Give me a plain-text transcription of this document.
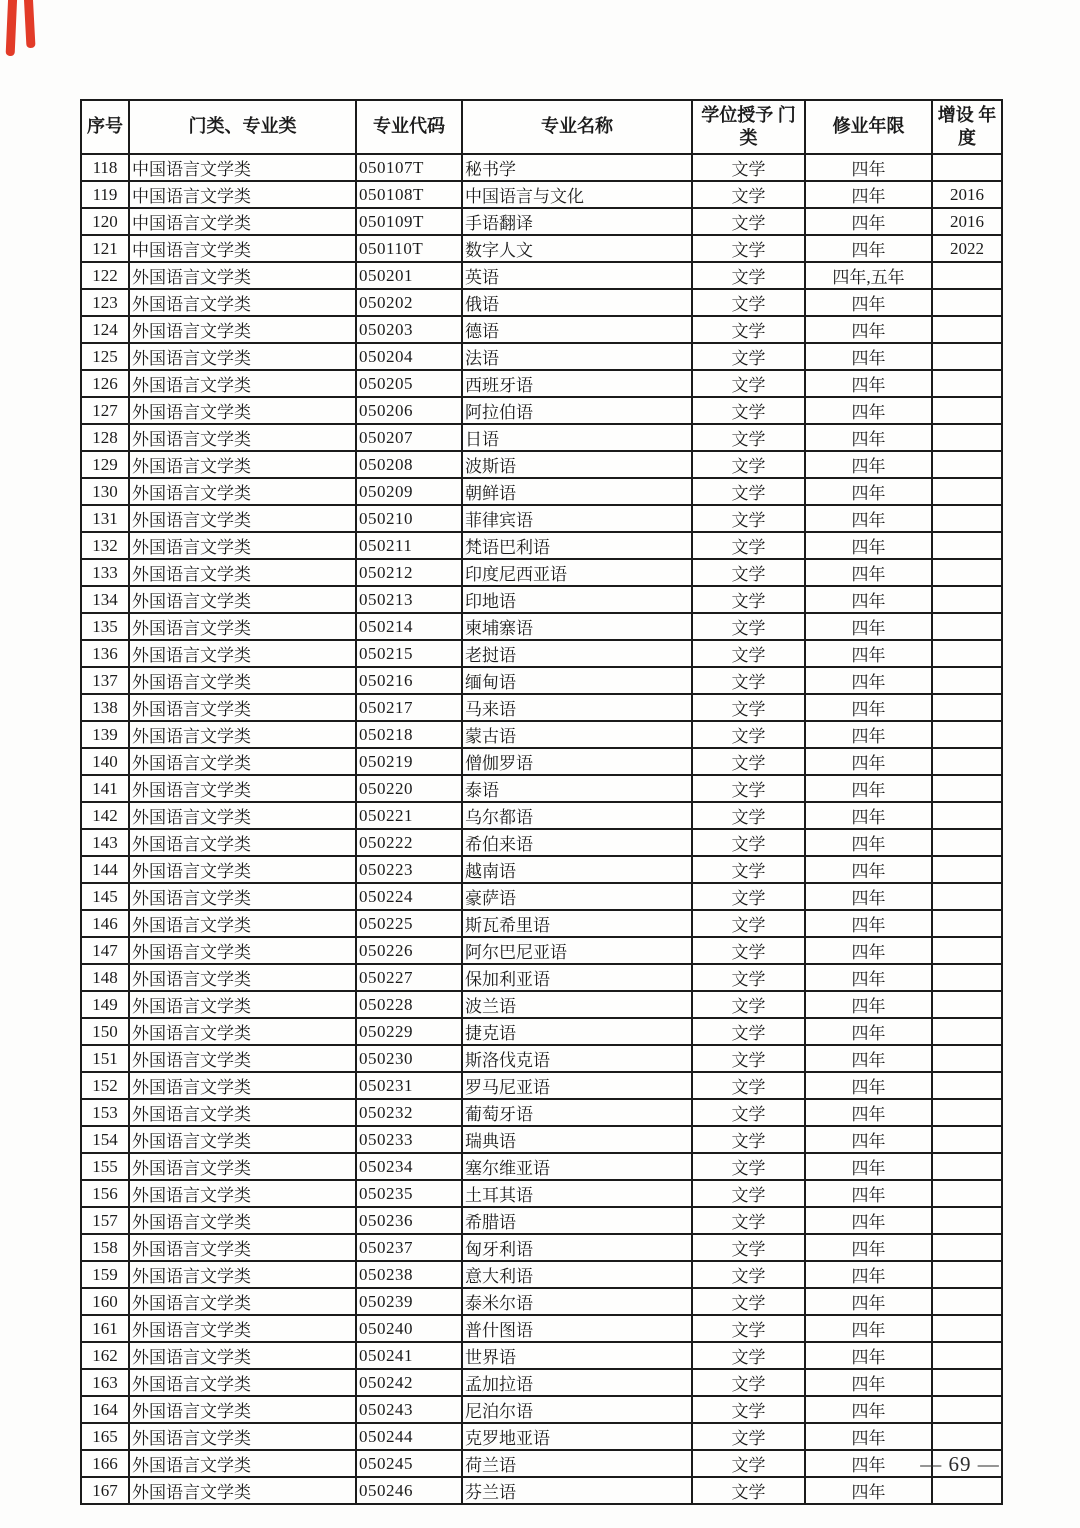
序号	门类、专业类	专业代码	专业名称	学位授予 门类	修业年限	增设 年度
118	中国语言文学类	050107T	秘书学	文学	四年	
119	中国语言文学类	050108T	中国语言与文化	文学	四年	2016
120	中国语言文学类	050109T	手语翻译	文学	四年	2016
121	中国语言文学类	050110T	数字人文	文学	四年	2022
122	外国语言文学类	050201	英语	文学	四年,五年	
123	外国语言文学类	050202	俄语	文学	四年	
124	外国语言文学类	050203	德语	文学	四年	
125	外国语言文学类	050204	法语	文学	四年	
126	外国语言文学类	050205	西班牙语	文学	四年	
127	外国语言文学类	050206	阿拉伯语	文学	四年	
128	外国语言文学类	050207	日语	文学	四年	
129	外国语言文学类	050208	波斯语	文学	四年	
130	外国语言文学类	050209	朝鲜语	文学	四年	
131	外国语言文学类	050210	菲律宾语	文学	四年	
132	外国语言文学类	050211	梵语巴利语	文学	四年	
133	外国语言文学类	050212	印度尼西亚语	文学	四年	
134	外国语言文学类	050213	印地语	文学	四年	
135	外国语言文学类	050214	柬埔寨语	文学	四年	
136	外国语言文学类	050215	老挝语	文学	四年	
137	外国语言文学类	050216	缅甸语	文学	四年	
138	外国语言文学类	050217	马来语	文学	四年	
139	外国语言文学类	050218	蒙古语	文学	四年	
140	外国语言文学类	050219	僧伽罗语	文学	四年	
141	外国语言文学类	050220	泰语	文学	四年	
142	外国语言文学类	050221	乌尔都语	文学	四年	
143	外国语言文学类	050222	希伯来语	文学	四年	
144	外国语言文学类	050223	越南语	文学	四年	
145	外国语言文学类	050224	豪萨语	文学	四年	
146	外国语言文学类	050225	斯瓦希里语	文学	四年	
147	外国语言文学类	050226	阿尔巴尼亚语	文学	四年	
148	外国语言文学类	050227	保加利亚语	文学	四年	
149	外国语言文学类	050228	波兰语	文学	四年	
150	外国语言文学类	050229	捷克语	文学	四年	
151	外国语言文学类	050230	斯洛伐克语	文学	四年	
152	外国语言文学类	050231	罗马尼亚语	文学	四年	
153	外国语言文学类	050232	葡萄牙语	文学	四年	
154	外国语言文学类	050233	瑞典语	文学	四年	
155	外国语言文学类	050234	塞尔维亚语	文学	四年	
156	外国语言文学类	050235	土耳其语	文学	四年	
157	外国语言文学类	050236	希腊语	文学	四年	
158	外国语言文学类	050237	匈牙利语	文学	四年	
159	外国语言文学类	050238	意大利语	文学	四年	
160	外国语言文学类	050239	泰米尔语	文学	四年	
161	外国语言文学类	050240	普什图语	文学	四年	
162	外国语言文学类	050241	世界语	文学	四年	
163	外国语言文学类	050242	孟加拉语	文学	四年	
164	外国语言文学类	050243	尼泊尔语	文学	四年	
165	外国语言文学类	050244	克罗地亚语	文学	四年	
166	外国语言文学类	050245	荷兰语	文学	四年	
167	外国语言文学类	050246	芬兰语	文学	四年	
— 69 —
